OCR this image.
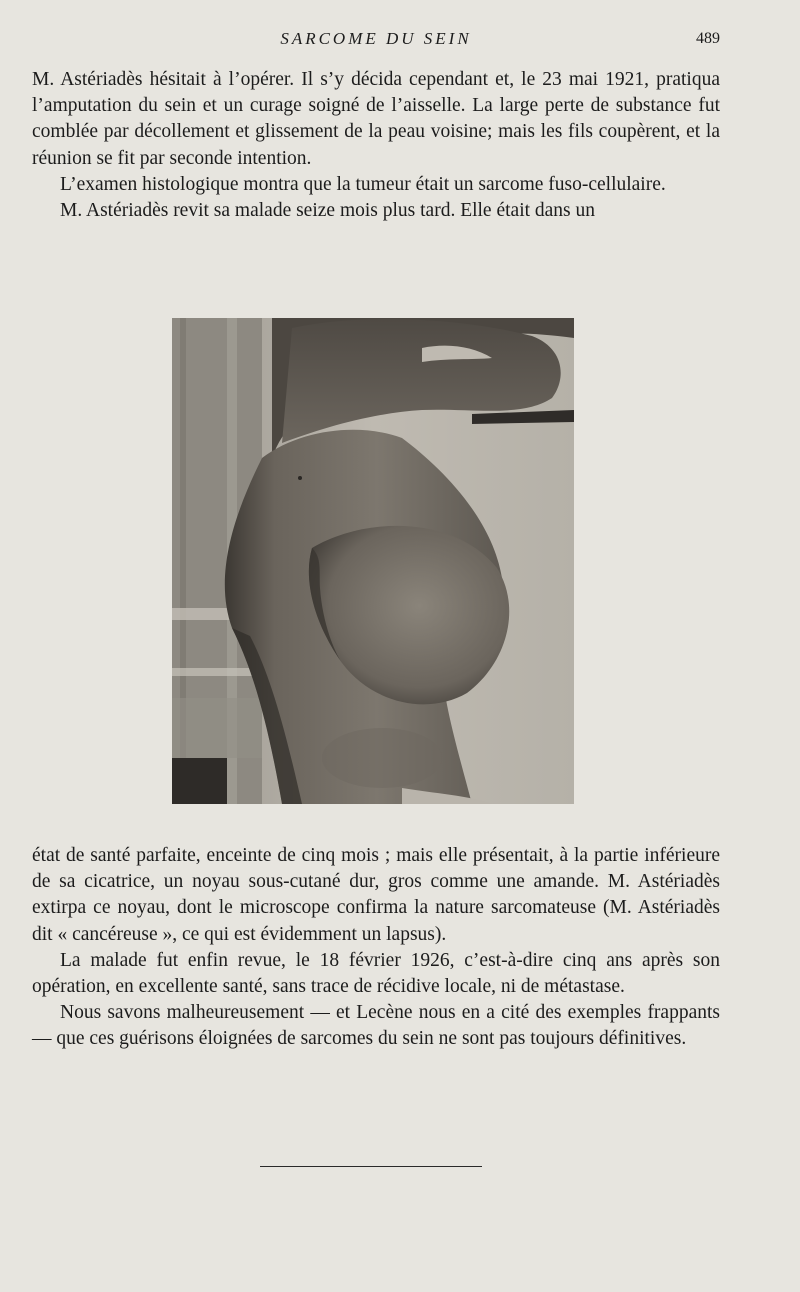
SARCOME DU SEIN	489

M. Astériadès hésitait à l’opérer. Il s’y décida cependant et, le 23 mai 1921, pratiqua l’amputation du sein et un curage soigné de l’aisselle. La large perte de substance fut comblée par décollement et glissement de la peau voisine; mais les fils coupèrent, et la réunion se fit par seconde intention.

L’examen histologique montra que la tumeur était un sarcome fuso-cellulaire.

M. Astériadès revit sa malade seize mois plus tard. Elle était dans un

état de santé parfaite, enceinte de cinq mois ; mais elle présentait, à la partie inférieure de sa cicatrice, un noyau sous-cutané dur, gros comme une amande. M. Astériadès extirpa ce noyau, dont le microscope confirma la nature sarcomateuse (M. Astériadès dit « cancéreuse », ce qui est évidemment un lapsus).

La malade fut enfin revue, le 18 février 1926, c’est-à-dire cinq ans après son opération, en excellente santé, sans trace de récidive locale, ni de métastase.

Nous savons malheureusement — et Lecène nous en a cité des exemples frappants — que ces guérisons éloignées de sarcomes du sein ne sont pas toujours définitives.
